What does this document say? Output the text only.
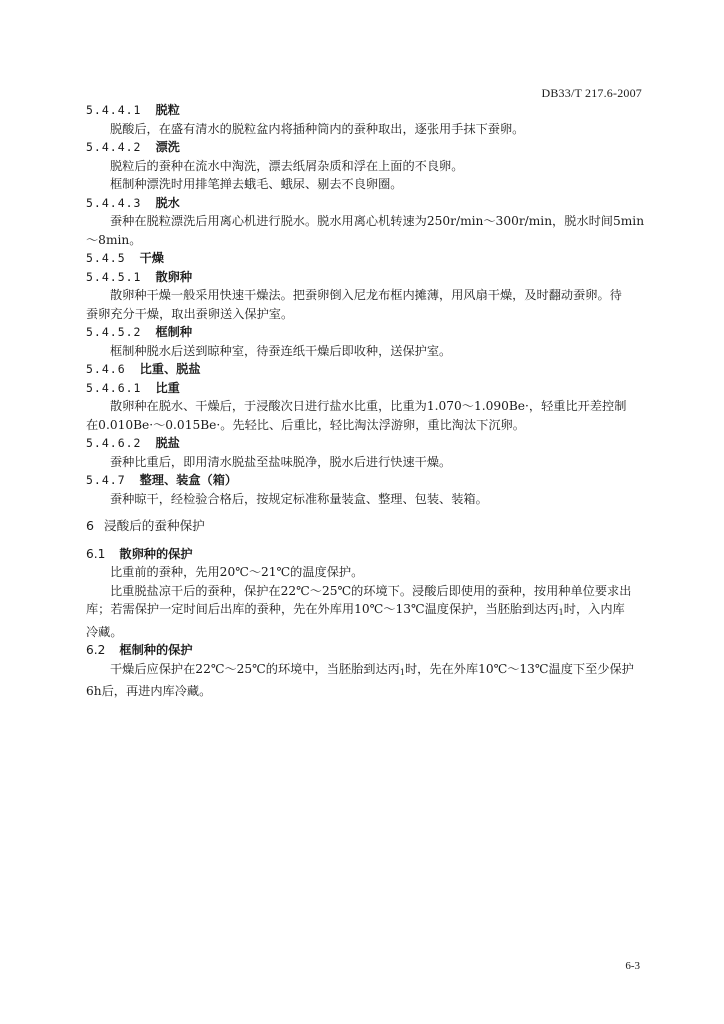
DB33/T 217.6-2007
5.4.4.1 脱粒
脱酸后，在盛有清水的脱粒盆内将插种筒内的蚕种取出，逐张用手抹下蚕卵。
5.4.4.2 漂洗
脱粒后的蚕种在流水中淘洗，漂去纸屑杂质和浮在上面的不良卵。
框制种漂洗时用排笔掸去蛾毛、蛾尿、剔去不良卵圈。
5.4.4.3 脱水
蚕种在脱粒漂洗后用离心机进行脱水。脱水用离心机转速为250r/min～300r/min，脱水时间5min
～8min。
5.4.5 干燥
5.4.5.1 散卵种
散卵种干燥一般采用快速干燥法。把蚕卵倒入尼龙布框内摊薄，用风扇干燥，及时翻动蚕卵。待
蚕卵充分干燥，取出蚕卵送入保护室。
5.4.5.2 框制种
框制种脱水后送到晾种室，待蚕连纸干燥后即收种，送保护室。
5.4.6 比重、脱盐
5.4.6.1 比重
散卵种在脱水、干燥后，于浸酸次日进行盐水比重，比重为1.070～1.090Be·，轻重比开差控制
在0.010Be·～0.015Be·。先轻比、后重比，轻比淘汰浮游卵，重比淘汰下沉卵。
5.4.6.2 脱盐
蚕种比重后，即用清水脱盐至盐味脱净，脱水后进行快速干燥。
5.4.7 整理、装盒（箱）
蚕种晾干，经检验合格后，按规定标准称量装盒、整理、包装、装箱。
6 浸酸后的蚕种保护
6.1 散卵种的保护
比重前的蚕种，先用20℃～21℃的温度保护。
比重脱盐凉干后的蚕种，保护在22℃～25℃的环境下。浸酸后即使用的蚕种，按用种单位要求出
库；若需保护一定时间后出库的蚕种，先在外库用10℃～13℃温度保护，当胚胎到达丙$_1$时，入内库
冷藏。
6.2 框制种的保护
干燥后应保护在22℃～25℃的环境中，当胚胎到达丙$_1$时，先在外库10℃～13℃温度下至少保护
6h后，再进内库冷藏。
6-3
